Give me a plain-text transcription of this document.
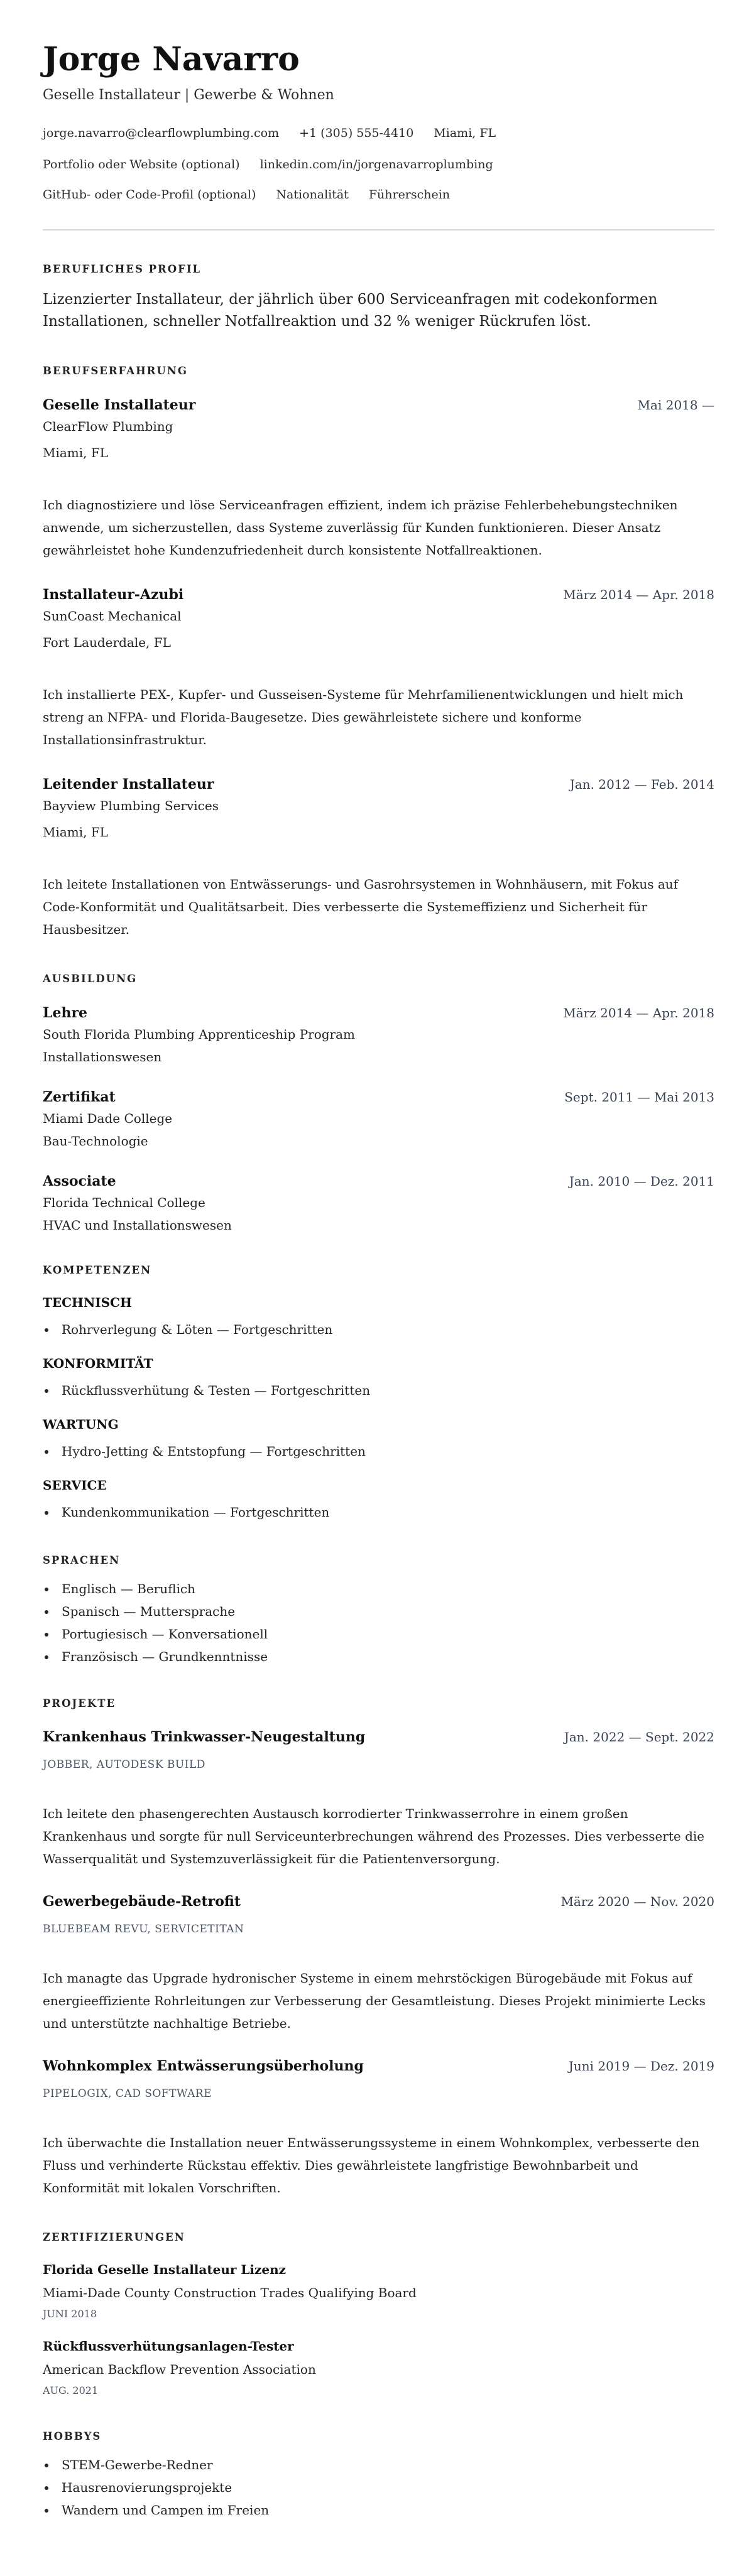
Jorge Navarro
Geselle Installateur | Gewerbe & Wohnen
jorge.navarro@clearflowplumbing.com +1 (305) 555-4410 Miami, FL
Portfolio oder Website (optional) linkedin.com/in/jorgenavarroplumbing
GitHub- oder Code-Profil (optional) Nationalität Führerschein
BERUFLICHES PROFIL

Lizenzierter Installateur, der jährlich über 600 Serviceanfragen mit codekonformen Installationen, schneller Notfallreaktion und 32 % weniger Rückrufen löst.

BERUFSERFAHRUNG
Geselle Installateur	Mai 2018 —
ClearFlow Plumbing
Miami, FL
Ich diagnostiziere und löse Serviceanfragen effizient, indem ich präzise Fehlerbehebungstechniken anwende, um sicherzustellen, dass Systeme zuverlässig für Kunden funktionieren. Dieser Ansatz gewährleistet hohe Kundenzufriedenheit durch konsistente Notfallreaktionen.
Installateur-Azubi	März 2014 — Apr. 2018
SunCoast Mechanical
Fort Lauderdale, FL
Ich installierte PEX-, Kupfer- und Gusseisen-Systeme für Mehrfamilienentwicklungen und hielt mich streng an NFPA- und Florida-Baugesetze. Dies gewährleistete sichere und konforme Installationsinfrastruktur.
Leitender Installateur	Jan. 2012 — Feb. 2014
Bayview Plumbing Services
Miami, FL
Ich leitete Installationen von Entwässerungs- und Gasrohrsystemen in Wohnhäusern, mit Fokus auf Code-Konformität und Qualitätsarbeit. Dies verbesserte die Systemeffizienz und Sicherheit für Hausbesitzer.
AUSBILDUNG
Lehre	März 2014 — Apr. 2018
South Florida Plumbing Apprenticeship Program
Installationswesen
Zertifikat	Sept. 2011 — Mai 2013
Miami Dade College
Bau-Technologie
Associate	Jan. 2010 — Dez. 2011
Florida Technical College
HVAC und Installationswesen
KOMPETENZEN
TECHNISCH
Rohrverlegung & Löten — Fortgeschritten
KONFORMITÄT
Rückflussverhütung & Testen — Fortgeschritten
WARTUNG
Hydro-Jetting & Entstopfung — Fortgeschritten
SERVICE
Kundenkommunikation — Fortgeschritten
SPRACHEN
Englisch — Beruflich
Spanisch — Muttersprache
Portugiesisch — Konversationell
Französisch — Grundkenntnisse
PROJEKTE
Krankenhaus Trinkwasser-Neugestaltung	Jan. 2022 — Sept. 2022
JOBBER, AUTODESK BUILD
Ich leitete den phasengerechten Austausch korrodierter Trinkwasserrohre in einem großen Krankenhaus und sorgte für null Serviceunterbrechungen während des Prozesses. Dies verbesserte die Wasserqualität und Systemzuverlässigkeit für die Patientenversorgung.
Gewerbegebäude-Retrofit	März 2020 — Nov. 2020
BLUEBEAM REVU, SERVICETITAN
Ich managte das Upgrade hydronischer Systeme in einem mehrstöckigen Bürogebäude mit Fokus auf energieeffiziente Rohrleitungen zur Verbesserung der Gesamtleistung. Dieses Projekt minimierte Lecks und unterstützte nachhaltige Betriebe.
Wohnkomplex Entwässerungsüberholung	Juni 2019 — Dez. 2019
PIPELOGIX, CAD SOFTWARE
Ich überwachte die Installation neuer Entwässerungssysteme in einem Wohnkomplex, verbesserte den Fluss und verhinderte Rückstau effektiv. Dies gewährleistete langfristige Bewohnbarbeit und Konformität mit lokalen Vorschriften.
ZERTIFIZIERUNGEN
Florida Geselle Installateur Lizenz
Miami-Dade County Construction Trades Qualifying Board
JUNI 2018
Rückflussverhütungsanlagen-Tester
American Backflow Prevention Association
AUG. 2021
HOBBYS
STEM-Gewerbe-Redner
Hausrenovierungsprojekte
Wandern und Campen im Freien
